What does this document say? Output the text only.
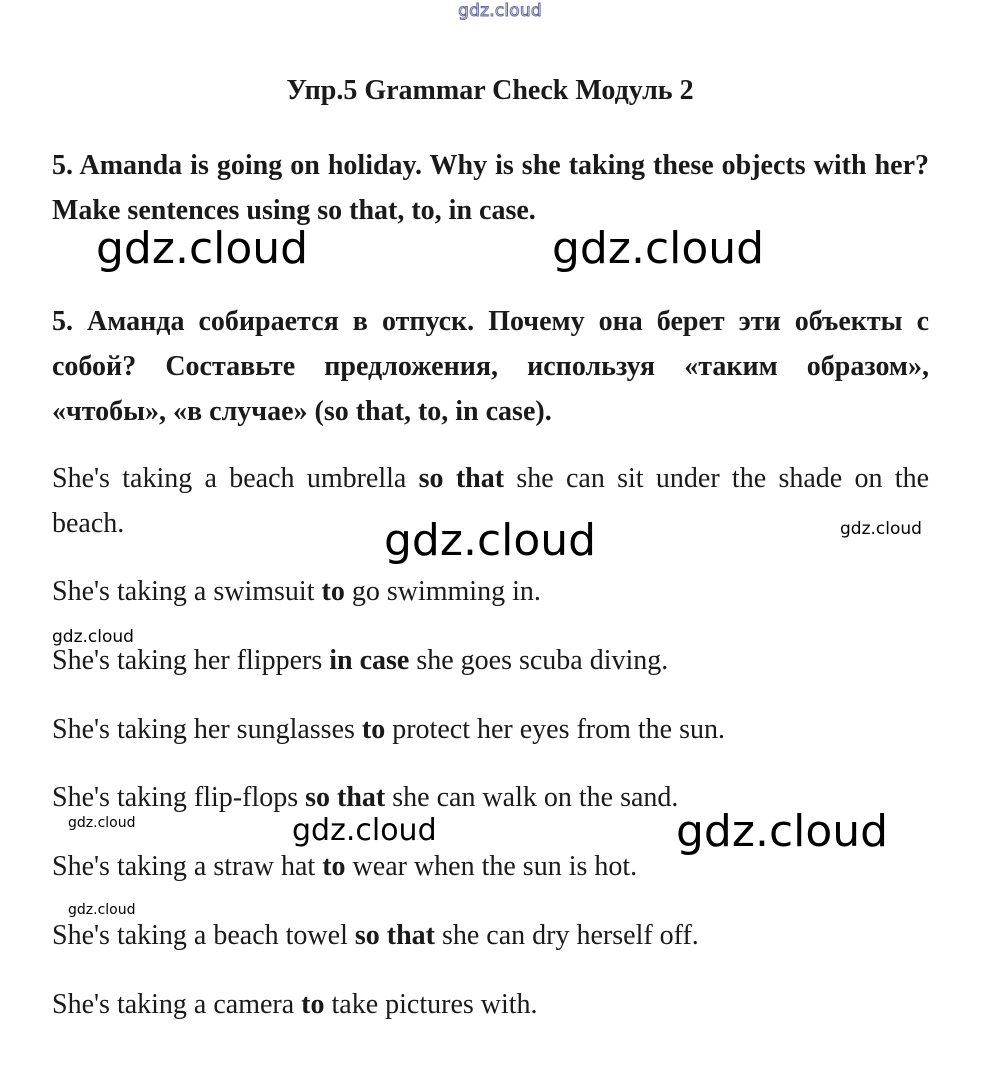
gdz.cloud
Упр.5 Grammar Check Модуль 2
5. Amanda is going on holiday. Why is she taking these objects with her? Make sentences using so that, to, in case.
gdz.cloud	gdz.cloud
5. Аманда собирается в отпуск. Почему она берет эти объекты с собой? Составьте предложения, используя «таким образом», «чтобы», «в случае» (so that, to, in case).
She's taking a beach umbrella so that she can sit under the shade on the beach.	gdz.cloud	gdz.cloud
She's taking a swimsuit to go swimming in.
gdz.cloud
She's taking her flippers in case she goes scuba diving.
She's taking her sunglasses to protect her eyes from the sun.
She's taking flip-flops so that she can walk on the sand.
gdz.cloud	gdz.cloud	gdz.cloud
She's taking a straw hat to wear when the sun is hot.
gdz.cloud
She's taking a beach towel so that she can dry herself off.
She's taking a camera to take pictures with.
